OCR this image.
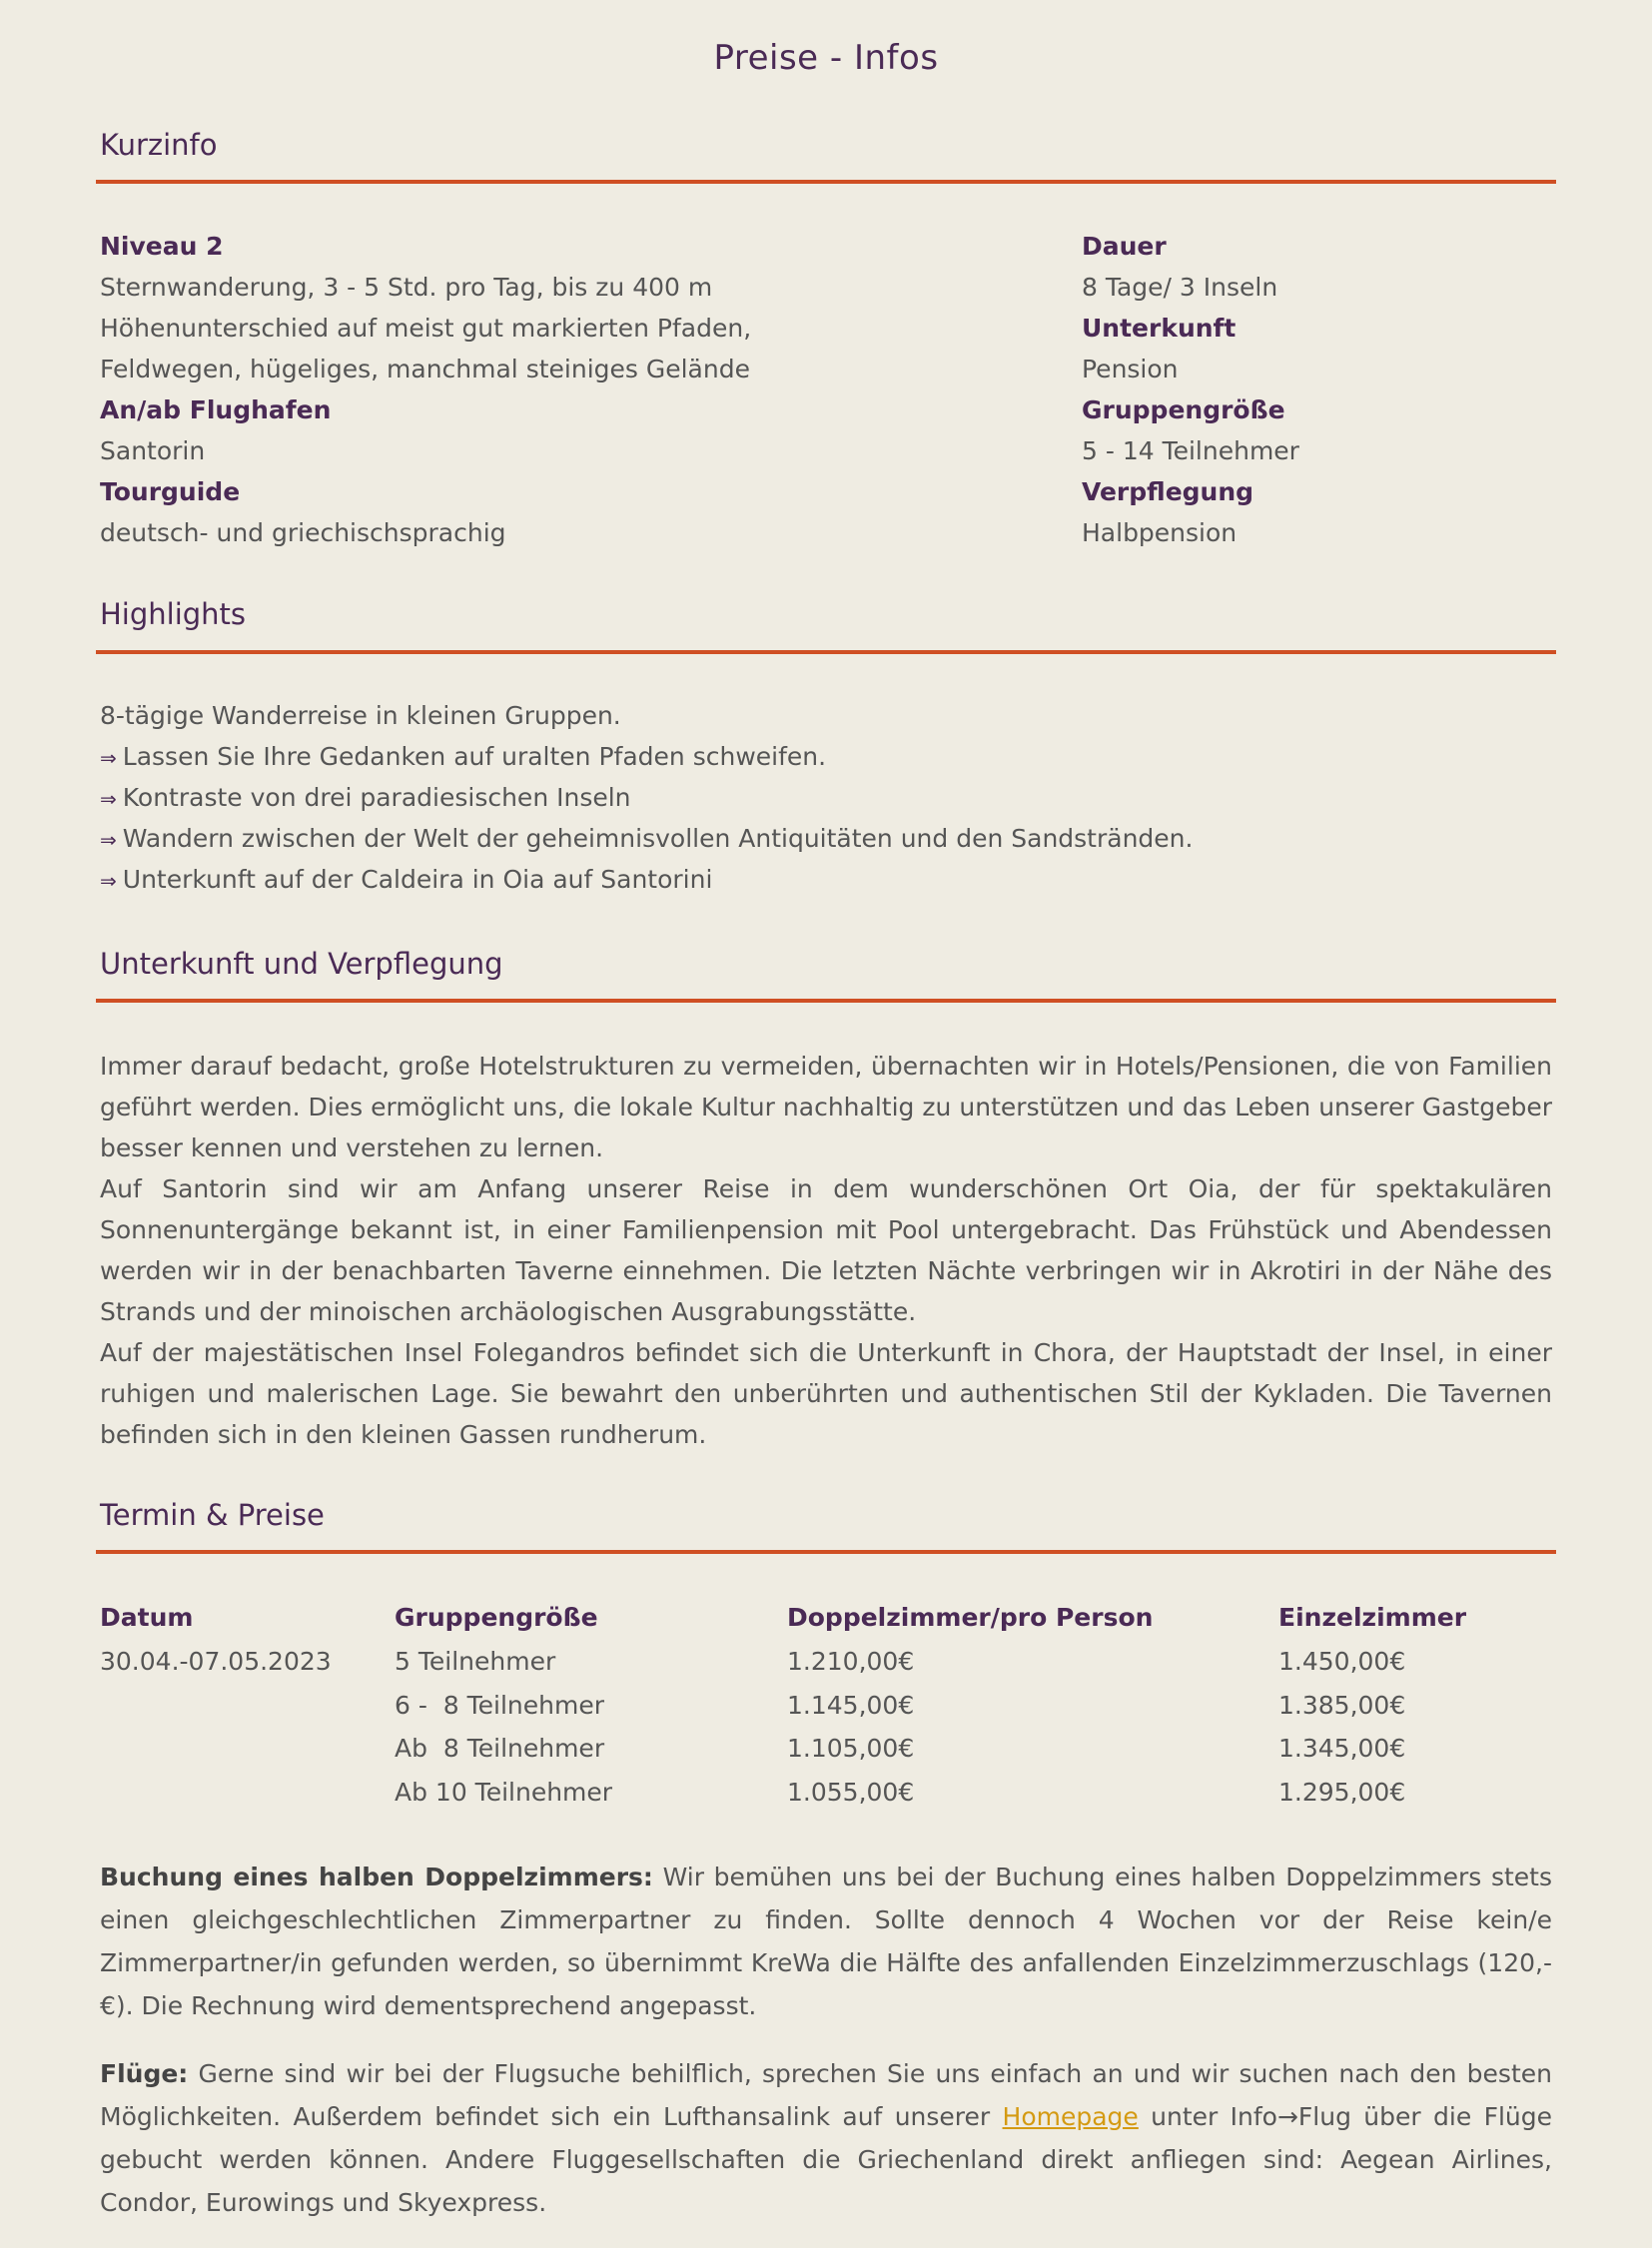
Preise - Infos
Kurzinfo
Niveau 2
Sternwanderung, 3 - 5 Std. pro Tag, bis zu 400 m
Höhenunterschied auf meist gut markierten Pfaden,
Feldwegen, hügeliges, manchmal steiniges Gelände
An/ab Flughafen
Santorin
Tourguide
deutsch- und griechischsprachig
Dauer
8 Tage/ 3 Inseln
Unterkunft
Pension
Gruppengröße
5 - 14 Teilnehmer
Verpflegung
Halbpension
Highlights
8-tägige Wanderreise in kleinen Gruppen.
⇒ Lassen Sie Ihre Gedanken auf uralten Pfaden schweifen.
⇒ Kontraste von drei paradiesischen Inseln
⇒ Wandern zwischen der Welt der geheimnisvollen Antiquitäten und den Sandstränden.
⇒ Unterkunft auf der Caldeira in Oia auf Santorini
Unterkunft und Verpflegung

Immer darauf bedacht, große Hotelstrukturen zu vermeiden, übernachten wir in Hotels/Pensionen, die von Familien geführt werden. Dies ermöglicht uns, die lokale Kultur nachhaltig zu unterstützen und das Leben unserer Gastgeber besser kennen und verstehen zu lernen.

Auf Santorin sind wir am Anfang unserer Reise in dem wunderschönen Ort Oia, der für spektakulären Sonnenuntergänge bekannt ist, in einer Familienpension mit Pool untergebracht. Das Frühstück und Abendessen werden wir in der benachbarten Taverne einnehmen. Die letzten Nächte verbringen wir in Akrotiri in der Nähe des Strands und der minoischen archäologischen Ausgrabungsstätte.

Auf der majestätischen Insel Folegandros befindet sich die Unterkunft in Chora, der Hauptstadt der Insel, in einer ruhigen und malerischen Lage. Sie bewahrt den unberührten und authentischen Stil der Kykladen. Die Tavernen befinden sich in den kleinen Gassen rundherum.

Termin & Preise
Datum
30.04.-07.05.2023
Gruppengröße
5 Teilnehmer
6 -  8 Teilnehmer
Ab  8 Teilnehmer
Ab 10 Teilnehmer
Doppelzimmer/pro Person
1.210,00€
1.145,00€
1.105,00€
1.055,00€
Einzelzimmer
1.450,00€
1.385,00€
1.345,00€
1.295,00€
Buchung eines halben Doppelzimmers: Wir bemühen uns bei der Buchung eines halben Doppelzimmers stets einen gleichgeschlechtlichen Zimmerpartner zu finden. Sollte dennoch 4 Wochen vor der Reise kein/e Zimmerpartner/in gefunden werden, so übernimmt KreWa die Hälfte des anfallenden Einzelzimmerzuschlags (120,-€). Die Rechnung wird dementsprechend angepasst.
Flüge: Gerne sind wir bei der Flugsuche behilflich, sprechen Sie uns einfach an und wir suchen nach den besten Möglichkeiten. Außerdem befindet sich ein Lufthansalink auf unserer Homepage unter Info→Flug über die Flüge gebucht werden können. Andere Fluggesellschaften die Griechenland direkt anfliegen sind: Aegean Airlines, Condor, Eurowings und Skyexpress.
